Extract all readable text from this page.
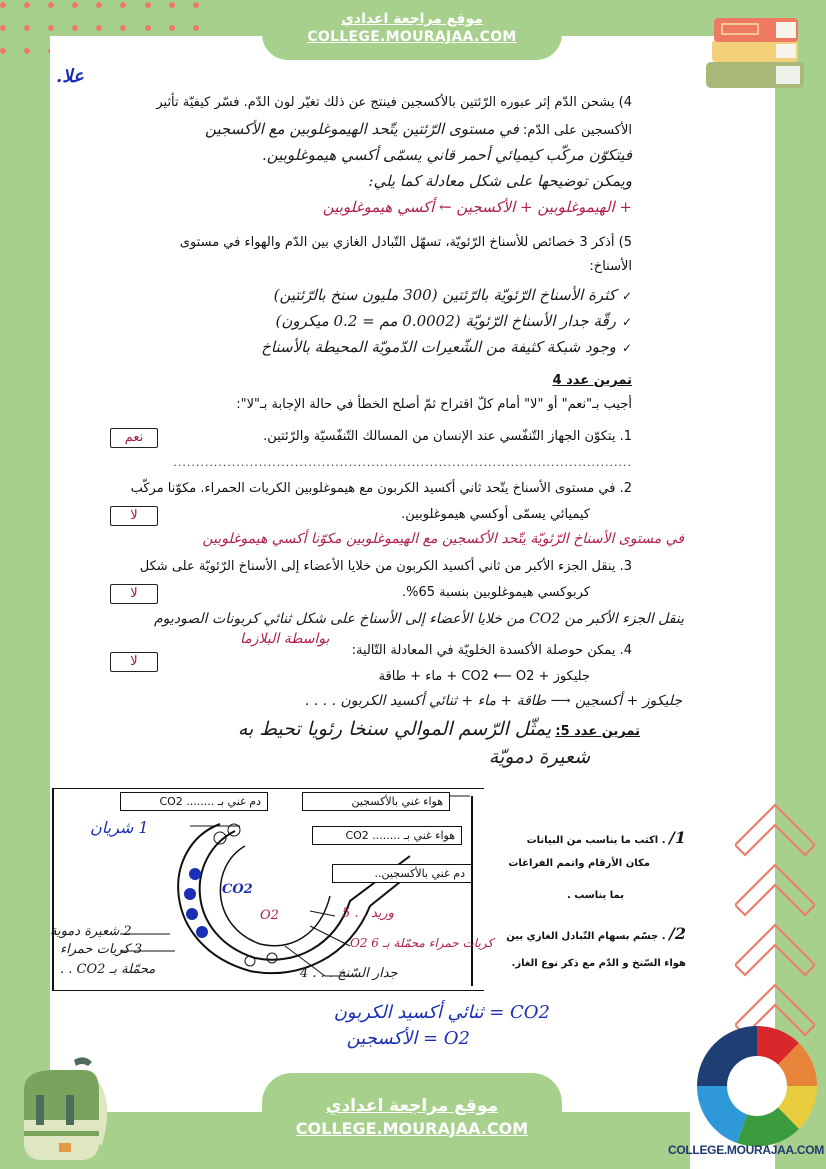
علا.
4) يشحن الدّم إثر عبوره الرّئتين بالأكسجين فينتج عن ذلك تغيّر لون الدّم. فسّر كيفيّة تأثير
الأكسجين على الدّم: في مستوى الرّئتين يتّحد الهيموغلوبين مع الأكسجين
فيتكوّن مركّب كيميائي أحمر قاني يسمّى أكسي هيموغلوبين.
ويمكن توضيحها على شكل معادلة كما يلي:
+ الهيموغلوبين + الأكسجين ← أكسي هيموغلوبين
5) أذكر 3 خصائص للأسناخ الرّئويّة، تسهّل التّبادل الغازي بين الدّم والهواء في مستوى
الأسناخ:
✓كثرة الأسناخ الرّئويّة بالرّئتين (300 مليون سنخ بالرّئتين)
✓رقّة جدار الأسناخ الرّئويّة (0.0002 مم = 0.2 ميكرون)
✓وجود شبكة كثيفة من الشّعيرات الدّمويّة المحيطة بالأسناخ
تمرين عدد 4
أجيب بـ"نعم" أو "لا" أمام كلّ اقتراح ثمّ أصلح الخطأ في حالة الإجابة بـ"لا":
1. يتكوّن الجهاز التّنفّسي عند الإنسان من المسالك التّنفّسيّة والرّئتين.
نعم
......................................................................................................
2. في مستوى الأسناخ يتّحد ثاني أكسيد الكربون مع هيموغلوبين الكريات الحمراء. مكوّنا مركّب
كيميائي يسمّى أوكسي هيموغلوبين.
لا
في مستوى الأسناخ الرّئويّة يتّحد الأكسجين مع الهيموغلوبين مكوّنا أكسي هيموغلوبين
3. ينقل الجزء الأكبر من ثاني أكسيد الكربون من خلايا الأعضاء إلى الأسناخ الرّئويّة على شكل
كربوكسي هيموغلوبين بنسبة 65%.
لا
ينقل الجزء الأكبر من CO2 من خلايا الأعضاء إلى الأسناخ على شكل ثنائي كربونات الصوديوم
بواسطة البلازما
4. يمكن حوصلة الأكسدة الخلويّة في المعادلة التّالية:
لا
جليكوز + CO2 ⟵ O2 + ماء + طاقة
جليكوز + أكسجين ⟶ طاقة + ماء + ثنائي أكسيد الكربون . . . .
تمرين عدد 5: يمثّل الرّسم الموالي سنخا رئويا تحيط به
شعيرة دمويّة
دم غني بـ ........ CO2	هواء غني بالأكسجين
هواء غني بـ ........ CO2
دم غني بالأكسجين..
1 شريان
2 شعيرة دموية
3 كريات حمراء
محمّلة بـ CO2 . .	جدار السّنخ . . . 4
وريد . . 5
كريات حمراء محمّلة بـ O2 6
CO2
O2
1/ . اكتب ما يناسب من البيانات
مكان الأرقام واتمم الفراغات
بما يناسب .
2/ . جسّم بسهام التّبادل الغازي بين
هواء السّنخ و الدّم مع ذكر نوع الغاز.
CO2 = ثنائي أكسيد الكربون
O2 = الأكسجين
موقع مراجعة اعدادي
COLLEGE.MOURAJAA.COM
موقع مراجعة اعدادي
COLLEGE.MOURAJAA.COM
COLLEGE.MOURAJAA.COM
